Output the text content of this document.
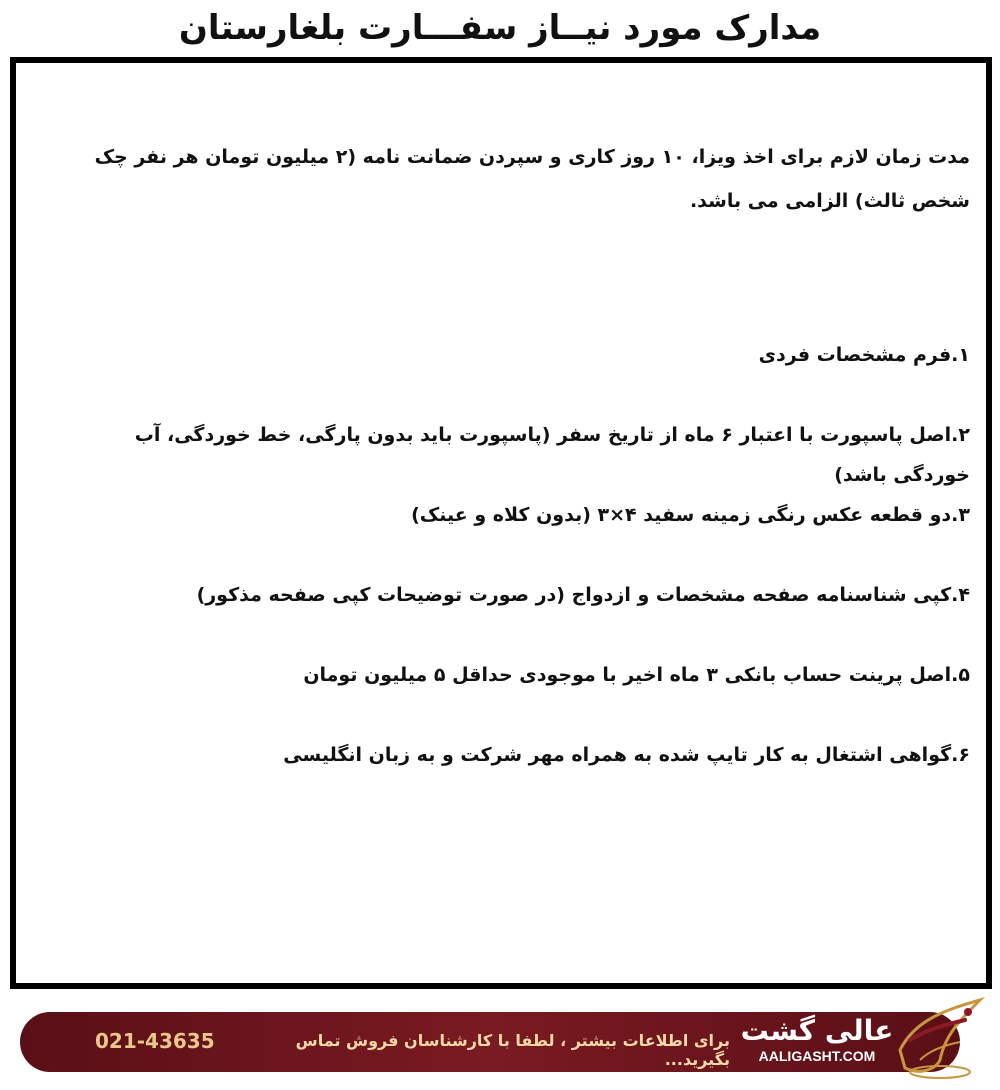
مدارک مورد نیــاز سفـــارت بلغارستان
مدت زمان لازم برای اخذ ویزا، ۱۰ روز کاری و سپردن ضمانت نامه (۲ میلیون تومان هر نفر چک شخص ثالث) الزامی می باشد.
۱.فرم مشخصات فردی
۲.اصل پاسپورت با اعتبار ۶ ماه از تاریخ سفر (پاسپورت باید بدون پارگی، خط خوردگی، آب خوردگی باشد)
۳.دو قطعه عکس رنگی زمینه سفید ۴×۳ (بدون کلاه و عینک)
۴.کپی شناسنامه صفحه مشخصات و ازدواج (در صورت توضیحات کپی صفحه مذکور)
۵.اصل پرینت حساب بانکی ۳ ماه اخیر با موجودی حداقل ۵ میلیون تومان
۶.گواهی اشتغال به کار تایپ شده به همراه مهر شرکت و به زبان انگلیسی
021-43635	برای اطلاعات بیشتر ، لطفا با کارشناسان فروش تماس بگیرید...
عالی گشت
AALIGASHT.COM
